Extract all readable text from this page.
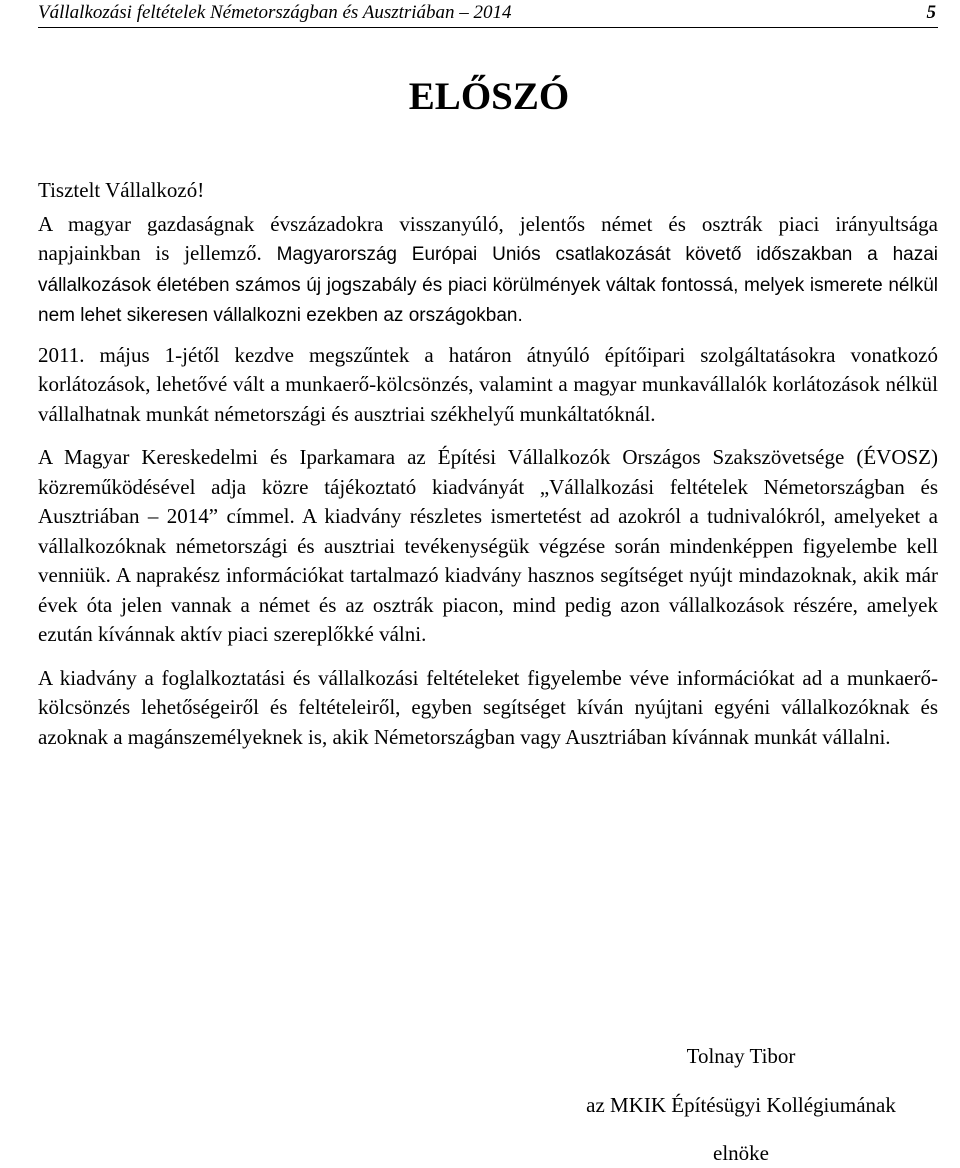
Vállalkozási feltételek Németországban és Ausztriában – 2014	5
ELŐSZÓ

Tisztelt Vállalkozó!

A magyar gazdaságnak évszázadokra visszanyúló, jelentős német és osztrák piaci irányultsága napjainkban is jellemző. Magyarország Európai Uniós csatlakozását követő időszakban a hazai vállalkozások életében számos új jogszabály és piaci körülmények váltak fontossá, melyek ismerete nélkül nem lehet sikeresen vállalkozni ezekben az országokban.

2011. május 1-jétől kezdve megszűntek a határon átnyúló építőipari szolgáltatásokra vonatkozó korlátozások, lehetővé vált a munkaerő-kölcsönzés, valamint a magyar munkavállalók korlátozások nélkül vállalhatnak munkát németországi és ausztriai székhelyű munkáltatóknál.

A Magyar Kereskedelmi és Iparkamara az Építési Vállalkozók Országos Szakszövetsége (ÉVOSZ) közreműködésével adja közre tájékoztató kiadványát „Vállalkozási feltételek Németországban és Ausztriában – 2014” címmel. A kiadvány részletes ismertetést ad azokról a tudnivalókról, amelyeket a vállalkozóknak németországi és ausztriai tevékenységük végzése során mindenképpen figyelembe kell venniük. A naprakész információkat tartalmazó kiadvány hasznos segítséget nyújt mindazoknak, akik már évek óta jelen vannak a német és az osztrák piacon, mind pedig azon vállalkozások részére, amelyek ezután kívánnak aktív piaci szereplőkké válni.

A kiadvány a foglalkoztatási és vállalkozási feltételeket figyelembe véve információkat ad a munkaerő-kölcsönzés lehetőségeiről és feltételeiről, egyben segítséget kíván nyújtani egyéni vállalkozóknak és azoknak a magánszemélyeknek is, akik Németországban vagy Ausztriában kívánnak munkát vállalni.

Tolnay Tibor
az MKIK Építésügyi Kollégiumának
elnöke
